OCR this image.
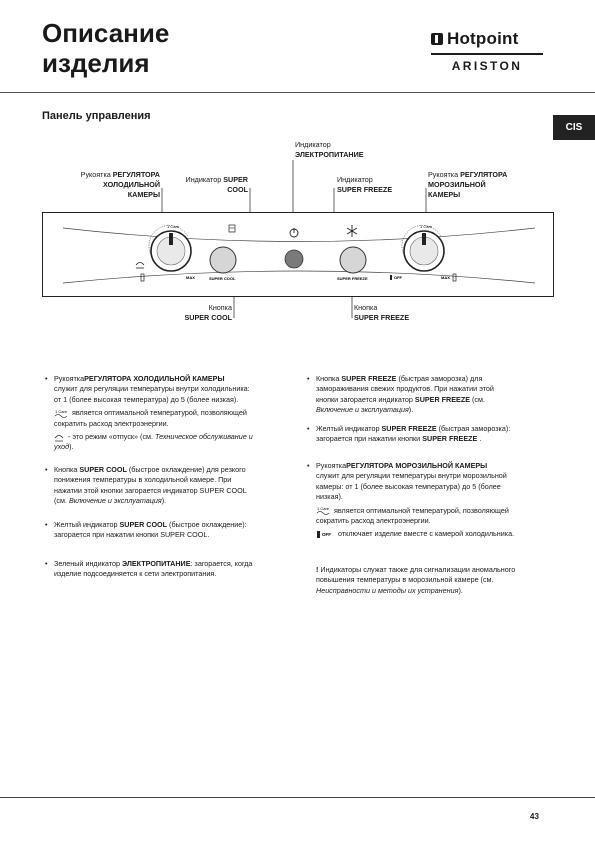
Описание
изделия
Hotpoint
ARISTON
Панель управления
CIS
Индикатор
ЭЛЕКТРОПИТАНИЕ
Рукоятка РЕГУЛЯТОРА
ХОЛОДИЛЬНОЙ
КАМЕРЫ
Индикатор SUPER
COOL
Индикатор
SUPER FREEZE
Рукоятка РЕГУЛЯТОРА
МОРОЗИЛЬНОЙ
КАМЕРЫ
Кнопка
SUPER COOL
Кнопка
SUPER FREEZE
1 Care
MAX	SUPER COOL	SUPER FREEZE
1 Care
MAX
OFF
• РукояткаРЕГУЛЯТОРА ХОЛОДИЛЬНОЙ КАМЕРЫ

служит для регуляции температуры внутри холодильника:

от 1 (более высокая температура) до 5 (более низкая).

1 Care является оптимальной температурой, позволяющей

сократить расход электроэнергии.

- это режим «отпуск» (см. Техническое обслуживание и

уход).

• Кнопка SUPER COOL (быстрое охлаждение) для резкого

понижения температуры в холодильной камере. При

нажатии этой кнопки загорается индикатор SUPER COOL

(см. Включение и эксплуатация).

• Желтый индикатор SUPER COOL (быстрое охлаждение):

загорается при нажатии кнопки SUPER COOL.

• Зеленый индикатор ЭЛЕКТРОПИТАНИЕ: загорается, когда

изделие подсоединяется к сети электропитания.

• Кнопка SUPER FREEZE (быстрая заморозка) для

замораживания свежих продуктов. При нажатии этой

кнопки загорается индикатор SUPER FREEZE (см.

Включение и эксплуатация).

• Желтый индикатор SUPER FREEZE (быстрая заморозка):

загорается при нажатии кнопки SUPER FREEZE .

• РукояткаРЕГУЛЯТОРА МОРОЗИЛЬНОЙ КАМЕРЫ

служит для регуляции температуры внутри морозильной

камеры: от 1 (более высокая температура) до 5 (более

низкая).

1 Care является оптимальной температурой, позволяющей

сократить расход электроэнергии.

OFF отключает изделие вместе с камерой холодильника.

! Индикаторы служат также для сигнализации аномального

повышения температуры в морозильной камере (см.

Неисправности и методы их устранения).

43
